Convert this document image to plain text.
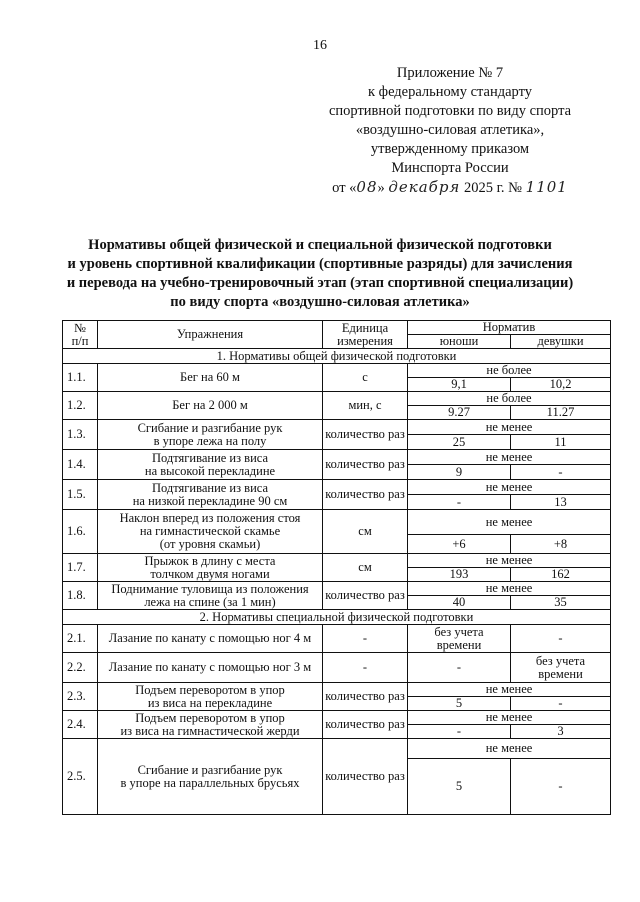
16
Приложение № 7
к федеральному стандарту
спортивной подготовки по виду спорта
«воздушно-силовая атлетика»,
утвержденному приказом
Минспорта России
от «08» декабря 2025 г. № 1101
Нормативы общей физической и специальной физической подготовки
и уровень спортивной квалификации (спортивные разряды) для зачисления
и перевода на учебно-тренировочный этап (этап спортивной специализации)
по виду спорта «воздушно-силовая атлетика»
№
п/п	Упражнения	Единица
измерения	Норматив	
			юноши	девушки
1. Нормативы общей физической подготовки				
1.1.	Бег на 60 м	с	не более	
			9,1	10,2
1.2.	Бег на 2 000 м	мин, с	не более	
			9.27	11.27
1.3.	Сгибание и разгибание рук
в упоре лежа на полу	количество раз	не менее	
			25	11
1.4.	Подтягивание из виса
на высокой перекладине	количество раз	не менее	
			9	-
1.5.	Подтягивание из виса
на низкой перекладине 90 см	количество раз	не менее	
			-	13
1.6.	Наклон вперед из положения стоя
на гимнастической скамье
(от уровня скамьи)	см	не менее	
			+6	+8
1.7.	Прыжок в длину с места
толчком двумя ногами	см	не менее	
			193	162
1.8.	Поднимание туловища из положения
лежа на спине (за 1 мин)	количество раз	не менее	
			40	35
2. Нормативы специальной физической подготовки				
2.1.	Лазание по канату с помощью ног 4 м	-	без учета
времени	-
2.2.	Лазание по канату с помощью ног 3 м	-	-	без учета
времени
2.3.	Подъем переворотом в упор
из виса на перекладине	количество раз	не менее	
			5	-
2.4.	Подъем переворотом в упор
из виса на гимнастической жерди	количество раз	не менее	
			-	3
2.5.	Сгибание и разгибание рук
в упоре на параллельных брусьях	количество раз	не менее	
			5	-
